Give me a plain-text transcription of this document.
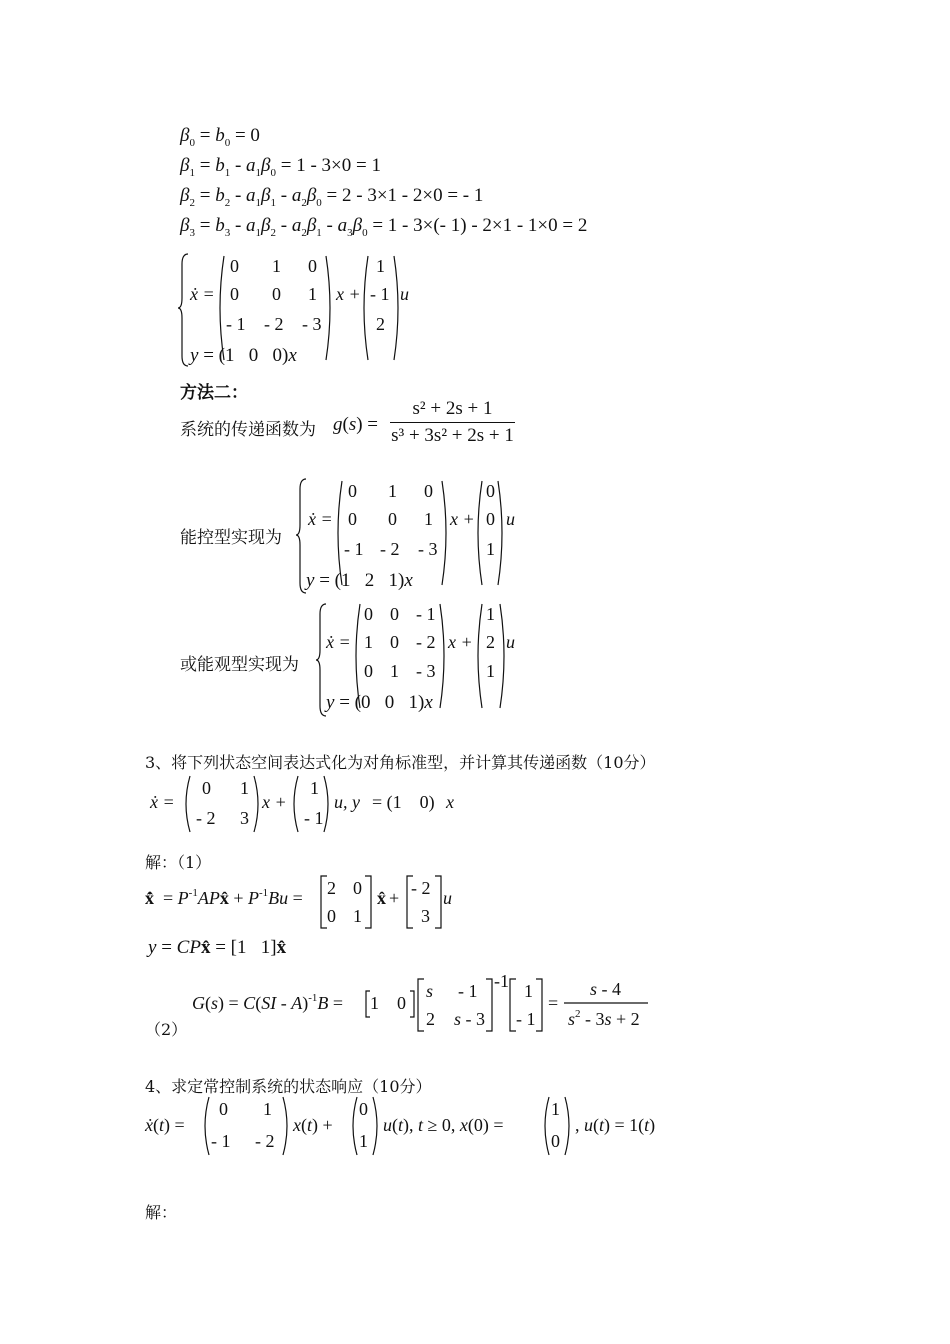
$\beta_0 = b_0 = 0$
$\beta_1 = b_1 - a_1\beta_0 = 1 - 3\times 0 = 1$
$\beta_2 = b_2 - a_1\beta_1 - a_2\beta_0 = 2 - 3\times 1 - 2\times 0$ = - 1
$\beta_3 = b_3 - a_1\beta_2 - a_2\beta_1 - a_3\beta_0 = 1 - 3\times(-$ 1) - 2×1 - 1×0 = 2
ẋ =
0 1 0
0 0 1
- 1 - 2 - 3
x +
1
- 1
2
u
y = (1   0   0)x
方法二：
系统的传递函数为 $g(s) = \frac{\text{s² + 2s + 1}}{\text{s³ + 3s² + 2s + 1}}$
能控型实现为
ẋ =
0 1 0
0 0 1
- 1 - 2 - 3
x +
0
0
1
u
y = (1   2   1)x
或能观型实现为
ẋ =
0 0 - 1
1 0 - 2
0 1 - 3
x +
1
2
1
u
y = (0   0   1)x
3、将下列状态空间表达式化为对角标准型，并计算其传递函数（10分）
ẋ =
0 1
- 2 3
x +
1
- 1
u, y = (1    0) x
解：（1）
x̂̇ = $P^{-1}APx̂ + P^{-1}Bu = 2$ 0
0 1
x̂ + - 2
3
u
y = CPx̂ = [1   1]x̂
（2）
G(s) = C(SI - A)$^{-1}$B = 1    0
s - 1
2 s - 3
-1 1
- 1
=
s - 4
$s^2 - 3s + 2$
4、求定常控制系统的状态响应（10分）
ẋ(t) =
0 1
- 1 - 2
x(t) +
0
1
u(t), t ≥ 0, x(0) =
1
0
, u(t) = 1(t)
解：
